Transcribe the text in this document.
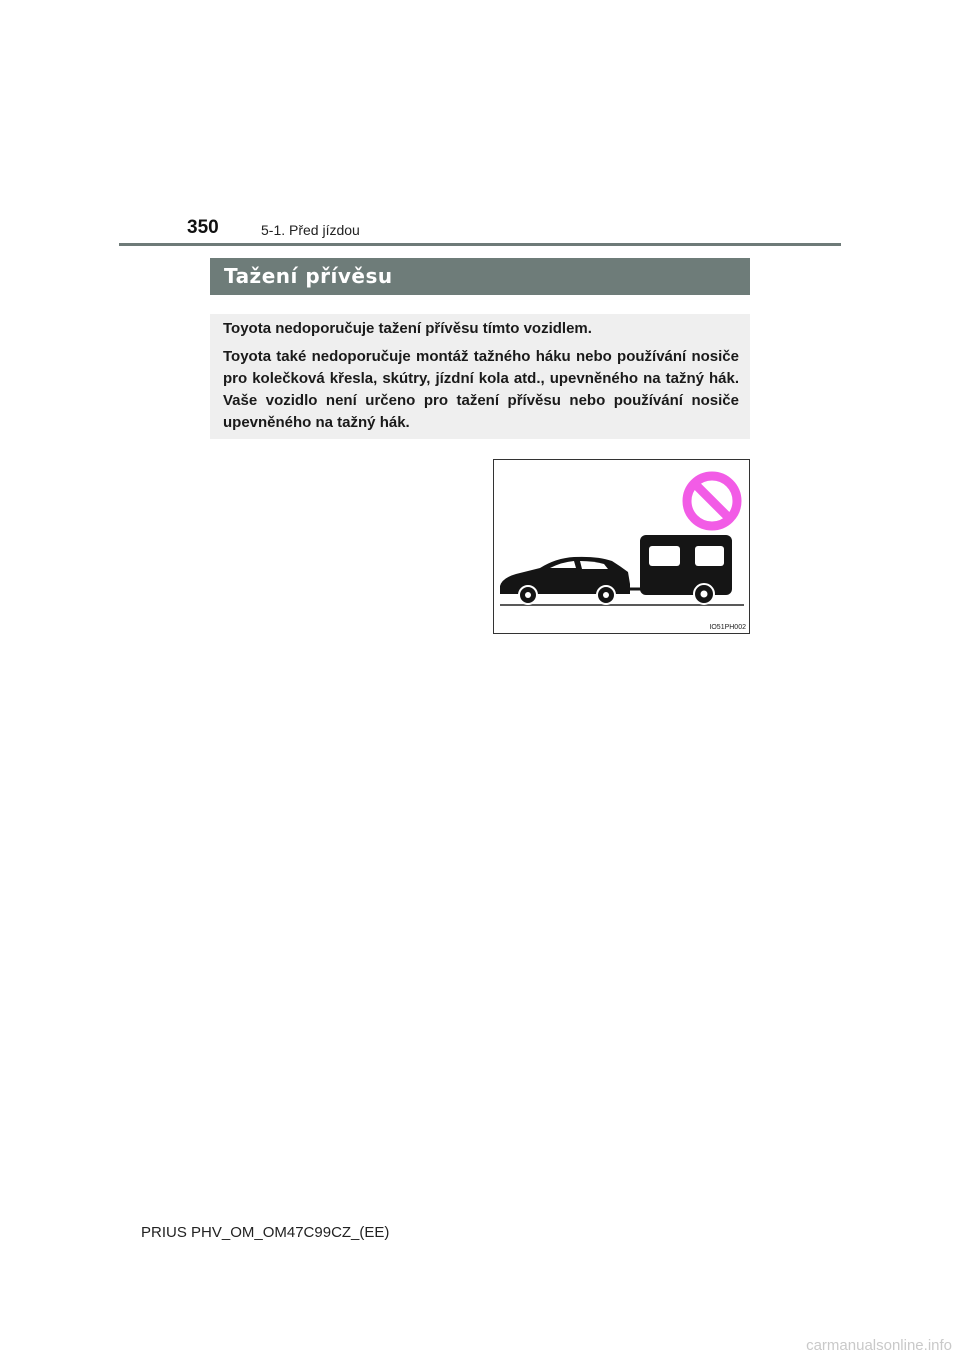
350	5-1. Před jízdou
Tažení přívěsu

Toyota nedoporučuje tažení přívěsu tímto vozidlem.

Toyota také nedoporučuje montáž tažného háku nebo používání nosiče pro kolečková křesla, skútry, jízdní kola atd., upevněného na tažný hák. Vaše vozidlo není určeno pro tažení přívěsu nebo používání nosiče upevněného na tažný hák.

IO51PH002
PRIUS PHV_OM_OM47C99CZ_(EE)
carmanualsonline.info
